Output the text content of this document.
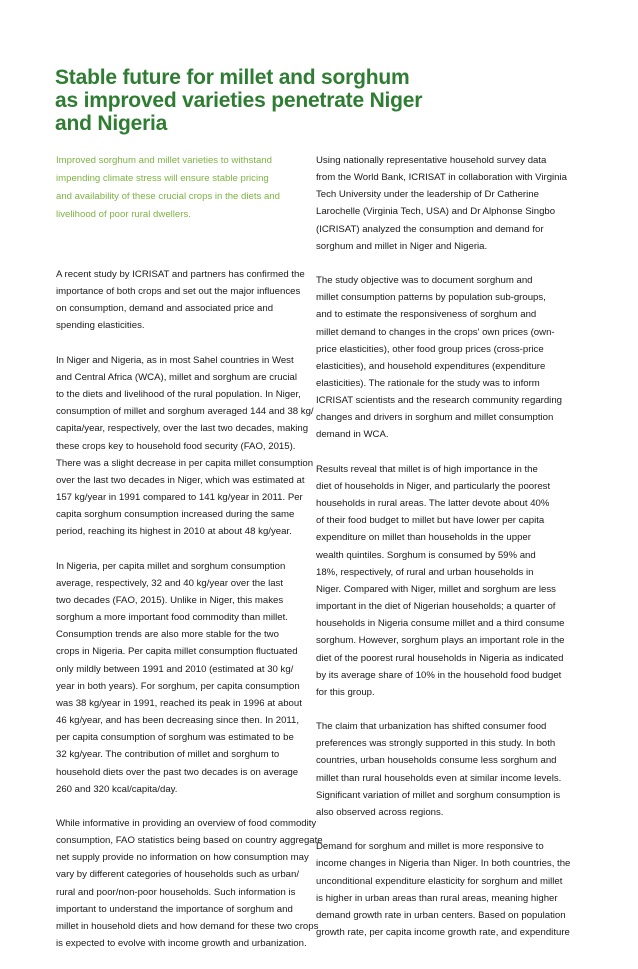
Stable future for millet and sorghum
as improved varieties penetrate Niger
and Nigeria

Improved sorghum and millet varieties to withstand
impending climate stress will ensure stable pricing
and availability of these crucial crops in the diets and
livelihood of poor rural dwellers.

A recent study by ICRISAT and partners has confirmed the
importance of both crops and set out the major influences
on consumption, demand and associated price and
spending elasticities.

In Niger and Nigeria, as in most Sahel countries in West
and Central Africa (WCA), millet and sorghum are crucial
to the diets and livelihood of the rural population. In Niger,
consumption of millet and sorghum averaged 144 and 38 kg/
capita/year, respectively, over the last two decades, making
these crops key to household food security (FAO, 2015).
There was a slight decrease in per capita millet consumption
over the last two decades in Niger, which was estimated at
157 kg/year in 1991 compared to 141 kg/year in 2011. Per
capita sorghum consumption increased during the same
period, reaching its highest in 2010 at about 48 kg/year.

In Nigeria, per capita millet and sorghum consumption
average, respectively, 32 and 40 kg/year over the last
two decades (FAO, 2015). Unlike in Niger, this makes
sorghum a more important food commodity than millet.
Consumption trends are also more stable for the two
crops in Nigeria. Per capita millet consumption fluctuated
only mildly between 1991 and 2010 (estimated at 30 kg/
year in both years). For sorghum, per capita consumption
was 38 kg/year in 1991, reached its peak in 1996 at about
46 kg/year, and has been decreasing since then. In 2011,
per capita consumption of sorghum was estimated to be
32 kg/year. The contribution of millet and sorghum to
household diets over the past two decades is on average
260 and 320 kcal/capita/day.

While informative in providing an overview of food commodity
consumption, FAO statistics being based on country aggregate
net supply provide no information on how consumption may
vary by different categories of households such as urban/
rural and poor/non-poor households. Such information is
important to understand the importance of sorghum and
millet in household diets and how demand for these two crops
is expected to evolve with income growth and urbanization.

Using nationally representative household survey data
from the World Bank, ICRISAT in collaboration with Virginia
Tech University under the leadership of Dr Catherine
Larochelle (Virginia Tech, USA) and Dr Alphonse Singbo
(ICRISAT) analyzed the consumption and demand for
sorghum and millet in Niger and Nigeria.

The study objective was to document sorghum and
millet consumption patterns by population sub-groups,
and to estimate the responsiveness of sorghum and
millet demand to changes in the crops' own prices (own-
price elasticities), other food group prices (cross-price
elasticities), and household expenditures (expenditure
elasticities). The rationale for the study was to inform
ICRISAT scientists and the research community regarding
changes and drivers in sorghum and millet consumption
demand in WCA.

Results reveal that millet is of high importance in the
diet of households in Niger, and particularly the poorest
households in rural areas. The latter devote about 40%
of their food budget to millet but have lower per capita
expenditure on millet than households in the upper
wealth quintiles. Sorghum is consumed by 59% and
18%, respectively, of rural and urban households in
Niger. Compared with Niger, millet and sorghum are less
important in the diet of Nigerian households; a quarter of
households in Nigeria consume millet and a third consume
sorghum. However, sorghum plays an important role in the
diet of the poorest rural households in Nigeria as indicated
by its average share of 10% in the household food budget
for this group.

The claim that urbanization has shifted consumer food
preferences was strongly supported in this study. In both
countries, urban households consume less sorghum and
millet than rural households even at similar income levels.
Significant variation of millet and sorghum consumption is
also observed across regions.

Demand for sorghum and millet is more responsive to
income changes in Nigeria than Niger. In both countries, the
unconditional expenditure elasticity for sorghum and millet
is higher in urban areas than rural areas, meaning higher
demand growth rate in urban centers. Based on population
growth rate, per capita income growth rate, and expenditure
